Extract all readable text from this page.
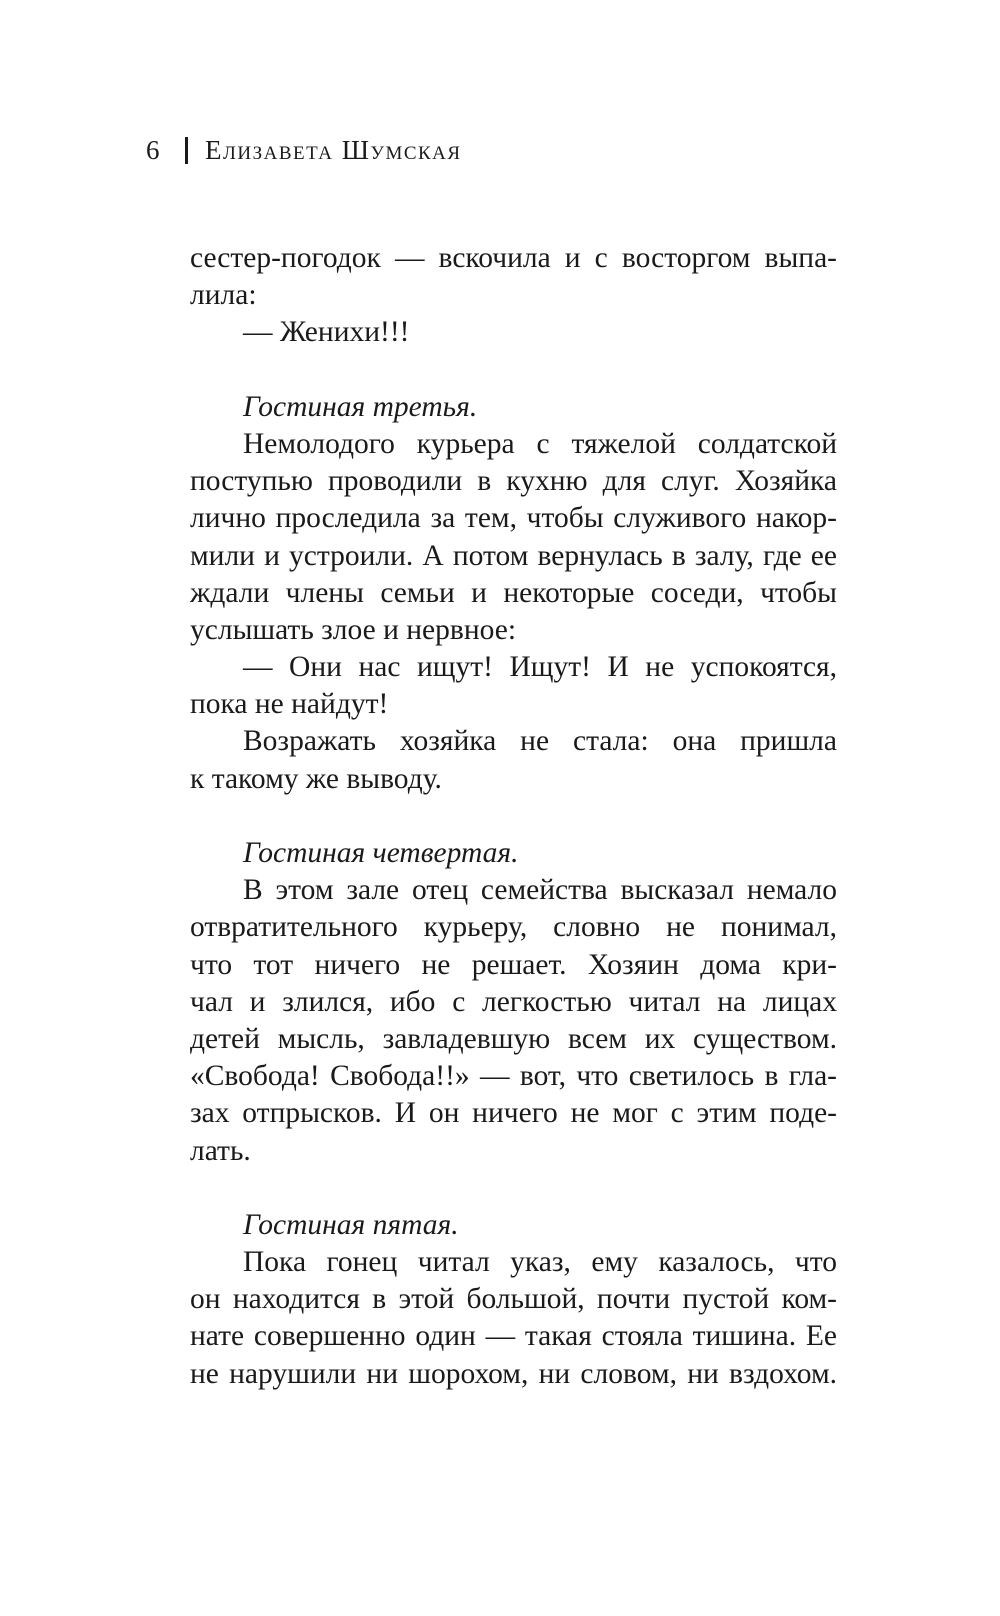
6 Елизавета Шумская
сестер-погодок — вскочила и с восторгом выпа-
лила:
— Женихи!!!
Гостиная третья.
Немолодого курьера с тяжелой солдатской
поступью проводили в кухню для слуг. Хозяйка
лично проследила за тем, чтобы служивого накор-
мили и устроили. А потом вернулась в залу, где ее
ждали члены семьи и некоторые соседи, чтобы
услышать злое и нервное:
— Они нас ищут! Ищут! И не успокоятся,
пока не найдут!
Возражать хозяйка не стала: она пришла
к такому же выводу.
Гостиная четвертая.
В этом зале отец семейства высказал немало
отвратительного курьеру, словно не понимал,
что тот ничего не решает. Хозяин дома кри-
чал и злился, ибо с легкостью читал на лицах
детей мысль, завладевшую всем их существом.
«Свобода! Свобода!!» — вот, что светилось в гла-
зах отпрысков. И он ничего не мог с этим поде-
лать.
Гостиная пятая.
Пока гонец читал указ, ему казалось, что
он находится в этой большой, почти пустой ком-
нате совершенно один — такая стояла тишина. Ее
не нарушили ни шорохом, ни словом, ни вздохом.
